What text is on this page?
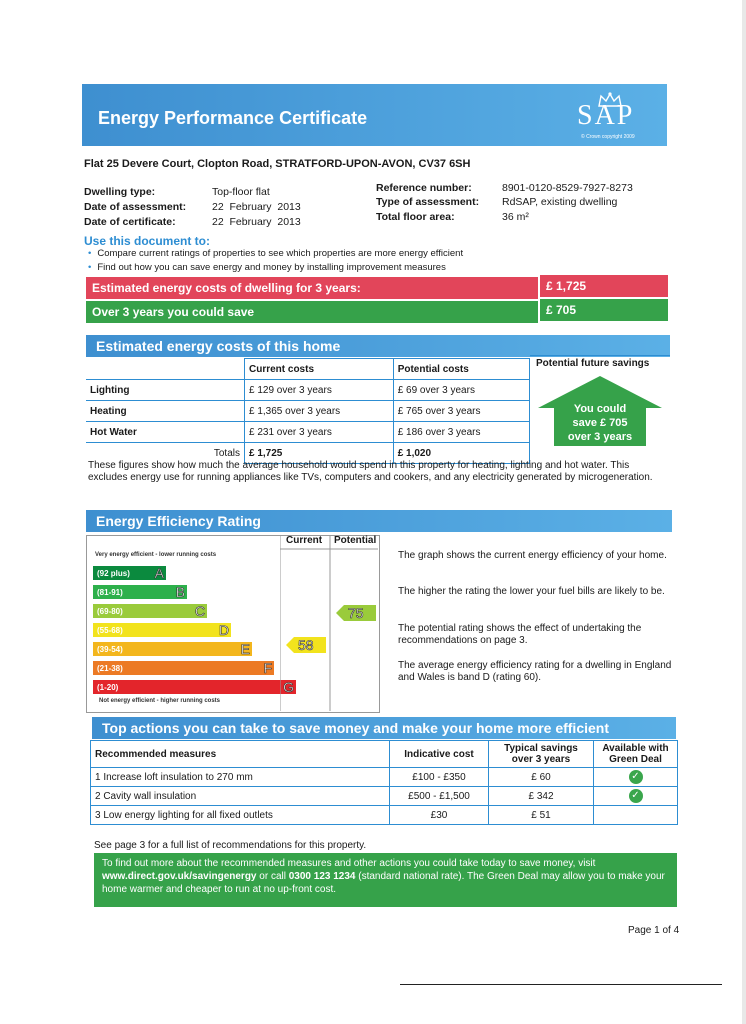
Energy Performance Certificate	SAP
© Crown copyright 2009
Flat 25 Devere Court, Clopton Road, STRATFORD-UPON-AVON, CV37 6SH
Dwelling type:	Top-floor flat
Date of assessment: 22  February  2013
Date of certificate:	22  February  2013
Reference number:	8901-0120-8529-7927-8273
Type of assessment: RdSAP, existing dwelling
Total floor area:	36 m²
Use this document to:
• Compare current ratings of properties to see which properties are more energy efficient
• Find out how you can save energy and money by installing improvement measures
Estimated energy costs of dwelling for 3 years:	£ 1,725
Over 3 years you could save	£ 705
Estimated energy costs of this home
	Current costs	Potential costs
Lighting	£ 129 over 3 years	£ 69 over 3 years
Heating	£ 1,365 over 3 years	£ 765 over 3 years
Hot Water	£ 231 over 3 years	£ 186 over 3 years
Totals	£ 1,725	£ 1,020
Potential future savings
You could
save £ 705
over 3 years
These figures show how much the average household would spend in this property for heating, lighting and hot water. This excludes energy use for running appliances like TVs, computers and cookers, and any electricity generated by microgeneration.
Energy Efficiency Rating
Very energy efficient - lower running costs
(92 plus) A
(81-91)	B
(69-80)	C
(55-68)	D
(39-54)	E
(21-38)	F
(1-20)	G
Not energy efficient - higher running costs
Current Potential
58
75
The graph shows the current energy efficiency of your home.
The higher the rating the lower your fuel bills are likely to be.
The potential rating shows the effect of undertaking the recommendations on page 3.
The average energy efficiency rating for a dwelling in England and Wales is band D (rating 60).
Top actions you can take to save money and make your home more efficient
Recommended measures	Indicative cost	Typical savings over 3 years	Available with Green Deal
1 Increase loft insulation to 270 mm	£100 - £350	£ 60	✓
2 Cavity wall insulation	£500 - £1,500	£ 342	✓
3 Low energy lighting for all fixed outlets	£30	£ 51	
See page 3 for a full list of recommendations for this property.
To find out more about the recommended measures and other actions you could take today to save money, visit www.direct.gov.uk/savingenergy or call 0300 123 1234 (standard national rate). The Green Deal may allow you to make your home warmer and cheaper to run at no up-front cost.
Page 1 of 4
